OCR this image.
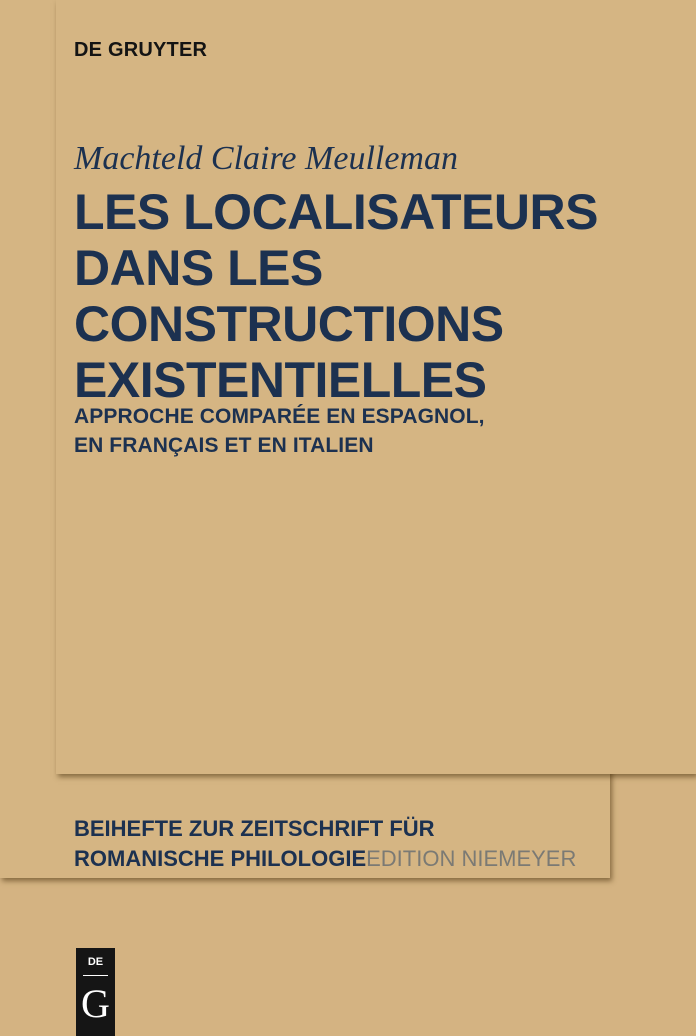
DE GRUYTER
Machteld Claire Meulleman
LES LOCALISATEURS
DANS LES
CONSTRUCTIONS
EXISTENTIELLES
APPROCHE COMPARÉE EN ESPAGNOL,
EN FRANÇAIS ET EN ITALIEN
BEIHEFTE ZUR ZEITSCHRIFT FÜR
ROMANISCHE PHILOLOGIEEDITION NIEMEYER
DE
G
